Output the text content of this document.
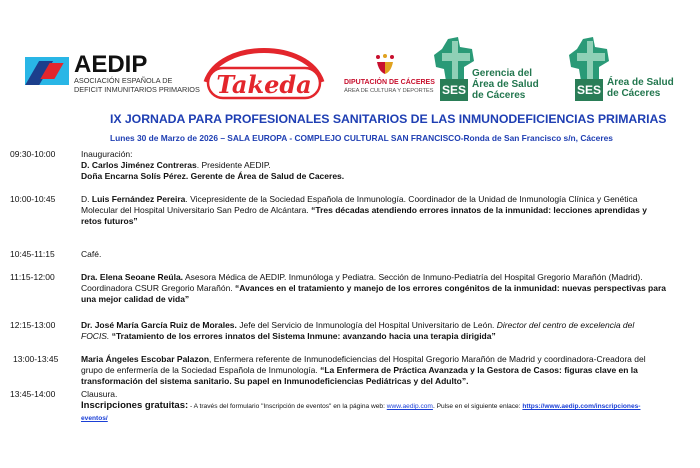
AEDIP
ASOCIACIÓN ESPAÑOLA DE
DEFICIT INMUNITARIOS PRIMARIOS Takeda	DIPUTACIÓN DE CÁCERES
ÁREA DE CULTURA Y DEPORTES SES
Gerencia del
Área de Salud
de Cáceres	SES
Área de Salud
de Cáceres
IX JORNADA PARA PROFESIONALES SANITARIOS DE LAS INMUNODEFICIENCIAS PRIMARIAS
Lunes 30 de Marzo de 2026 – SALA EUROPA - COMPLEJO CULTURAL SAN FRANCISCO-Ronda de San Francisco s/n, Cáceres
09:30-10:00	Inauguración:
D. Carlos Jiménez Contreras. Presidente AEDIP.
Doña Encarna Solís Pérez. Gerente de Área de Salud de Caceres.
10:00-10:45	D. Luis Fernández Pereira. Vicepresidente de la Sociedad Española de Inmunología. Coordinador de la Unidad de Inmunología Clínica y Genética
Molecular del Hospital Universitario San Pedro de Alcántara. “Tres décadas atendiendo errores innatos de la inmunidad: lecciones aprendidas y
retos futuros”
10:45-11:15	Café.
11:15-12:00	Dra. Elena Seoane Reúla. Asesora Médica de AEDIP. Inmunóloga y Pediatra. Sección de Inmuno-Pediatría del Hospital Gregorio Marañón (Madrid).
Coordinadora CSUR Gregorio Marañón. “Avances en el tratamiento y manejo de los errores congénitos de la inmunidad: nuevas perspectivas para
una mejor calidad de vida”
12:15-13:00	Dr. José María García Ruiz de Morales. Jefe del Servicio de Inmunología del Hospital Universitario de León. Director del centro de excelencia del
FOCIS. “Tratamiento de los errores innatos del Sistema Inmune: avanzando hacia una terapia dirigida”
13:00-13:45	Maria Ángeles Escobar Palazon, Enfermera referente de Inmunodeficiencias del Hospital Gregorio Marañón de Madrid y coordinadora-Creadora del
grupo de enfermería de la Sociedad Española de Inmunología. “La Enfermera de Práctica Avanzada y la Gestora de Casos: figuras clave en la
transformación del sistema sanitario. Su papel en Inmunodeficiencias Pediátricas y del Adulto”.
13:45-14:00	Clausura.
Inscripciones gratuitas: - A través del formulario "Inscripción de eventos" en la página web: www.aedip.com. Pulse en el siguiente enlace: https://www.aedip.com/inscripciones-
eventos/
